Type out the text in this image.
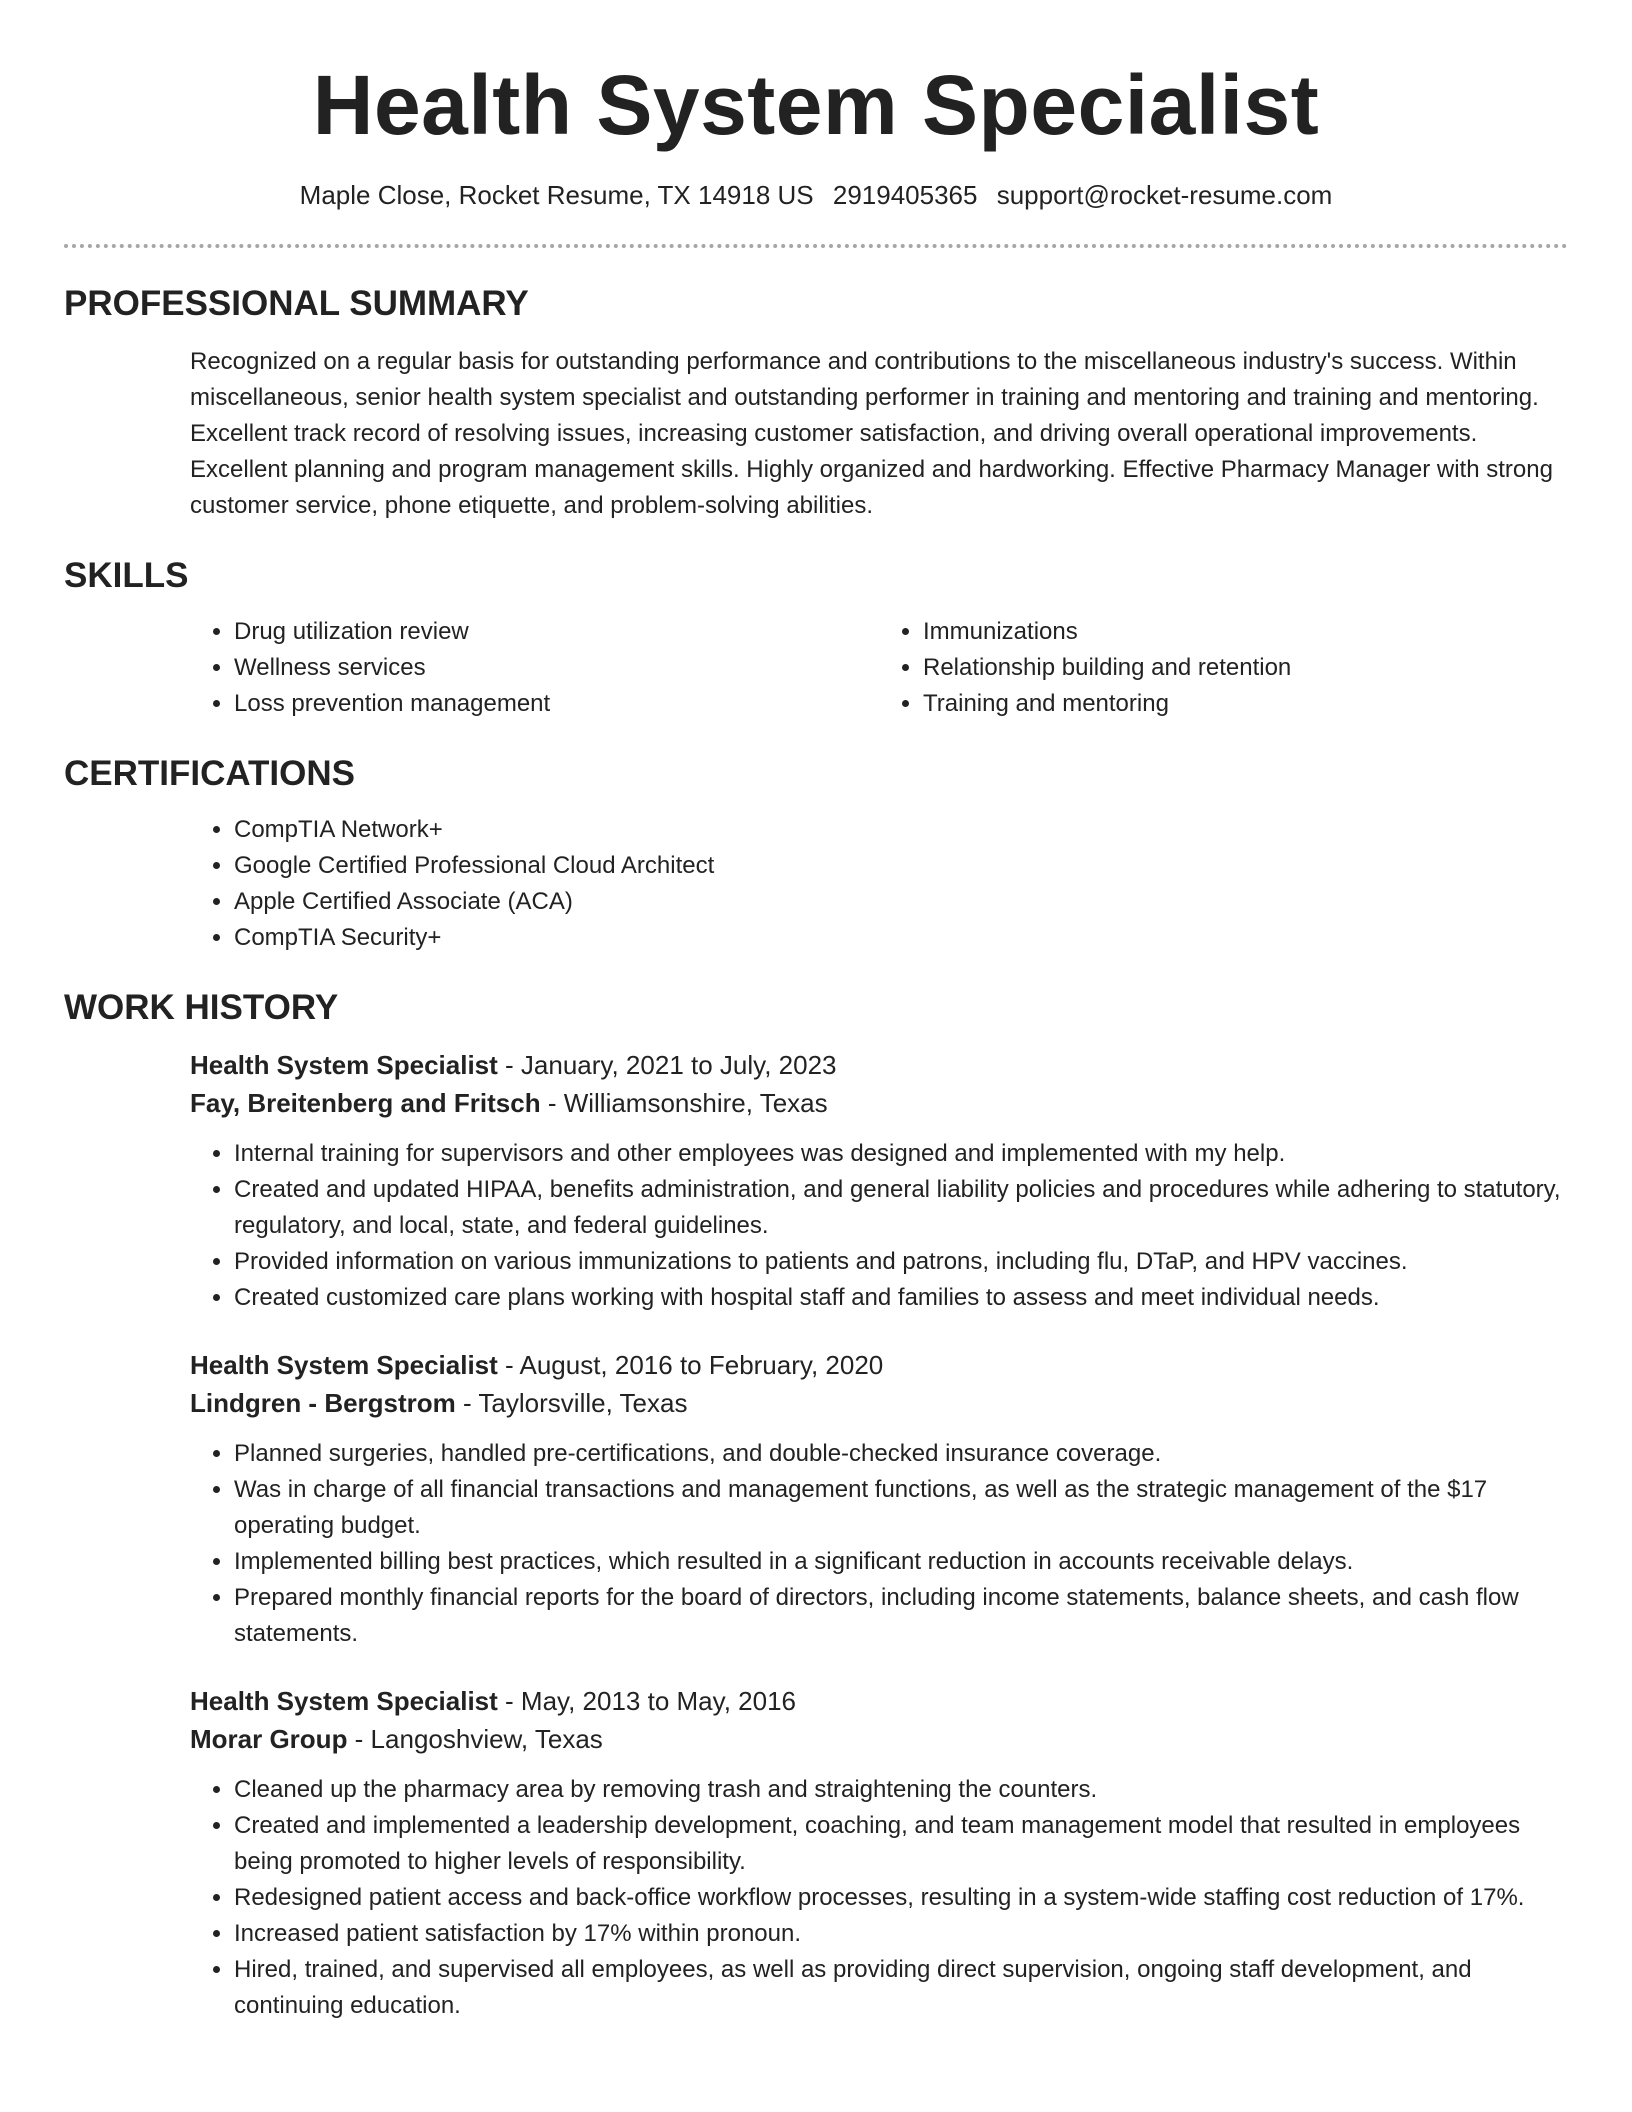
Health System Specialist
Maple Close, Rocket Resume, TX 14918 US 2919405365 support@rocket-resume.com
PROFESSIONAL SUMMARY

Recognized on a regular basis for outstanding performance and contributions to the miscellaneous industry's success. Within miscellaneous, senior health system specialist and outstanding performer in training and mentoring and training and mentoring. Excellent track record of resolving issues, increasing customer satisfaction, and driving overall operational improvements. Excellent planning and program management skills. Highly organized and hardworking. Effective Pharmacy Manager with strong customer service, phone etiquette, and problem-solving abilities.

SKILLS
• Drug utilization review
• Wellness services
• Loss prevention management
• Immunizations
• Relationship building and retention
• Training and mentoring
CERTIFICATIONS
• CompTIA Network+
• Google Certified Professional Cloud Architect
• Apple Certified Associate (ACA)
• CompTIA Security+
WORK HISTORY
Health System Specialist - January, 2021 to July, 2023
Fay, Breitenberg and Fritsch - Williamsonshire, Texas
• Internal training for supervisors and other employees was designed and implemented with my help.
• Created and updated HIPAA, benefits administration, and general liability policies and procedures while adhering to statutory, regulatory, and local, state, and federal guidelines.
• Provided information on various immunizations to patients and patrons, including flu, DTaP, and HPV vaccines.
• Created customized care plans working with hospital staff and families to assess and meet individual needs.
Health System Specialist - August, 2016 to February, 2020
Lindgren - Bergstrom - Taylorsville, Texas
• Planned surgeries, handled pre-certifications, and double-checked insurance coverage.
• Was in charge of all financial transactions and management functions, as well as the strategic management of the $17 operating budget.
• Implemented billing best practices, which resulted in a significant reduction in accounts receivable delays.
• Prepared monthly financial reports for the board of directors, including income statements, balance sheets, and cash flow statements.
Health System Specialist - May, 2013 to May, 2016
Morar Group - Langoshview, Texas
• Cleaned up the pharmacy area by removing trash and straightening the counters.
• Created and implemented a leadership development, coaching, and team management model that resulted in employees being promoted to higher levels of responsibility.
• Redesigned patient access and back-office workflow processes, resulting in a system-wide staffing cost reduction of 17%.
• Increased patient satisfaction by 17% within pronoun.
• Hired, trained, and supervised all employees, as well as providing direct supervision, ongoing staff development, and continuing education.
